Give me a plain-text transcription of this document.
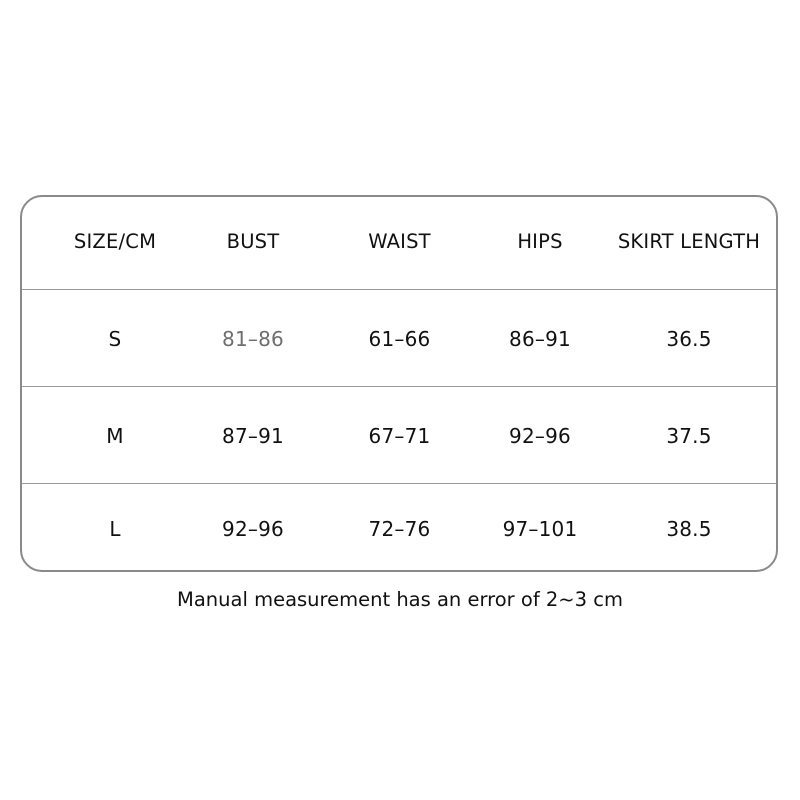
SIZE/CM	BUST	WAIST	HIPS	SKIRT LENGTH
S	81–86	61–66	86–91	36.5
M	87–91	67–71	92–96	37.5
L	92–96	72–76	97–101	38.5
Manual measurement has an error of 2~3 cm
